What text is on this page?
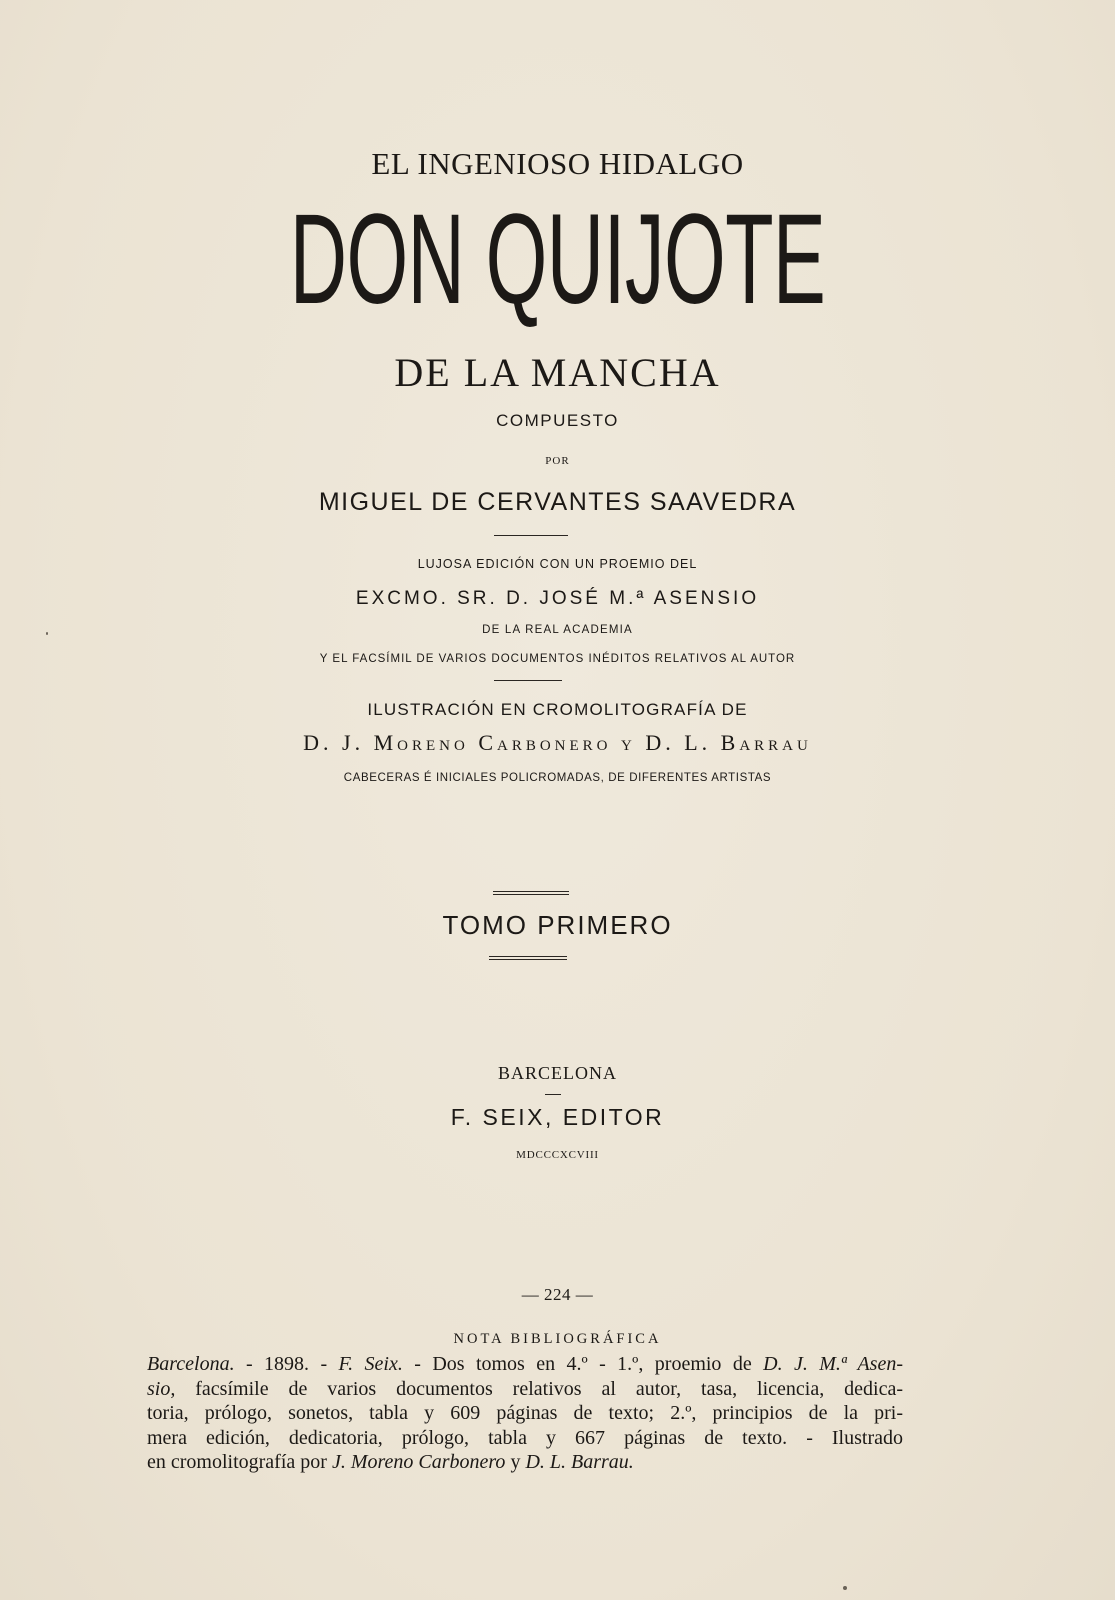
EL INGENIOSO HIDALGO
DON QUIJOTE
DE LA MANCHA
COMPUESTO
POR
MIGUEL DE CERVANTES SAAVEDRA
LUJOSA EDICIÓN CON UN PROEMIO DEL
EXCMO. SR. D. JOSÉ M.ª ASENSIO
DE LA REAL ACADEMIA
Y EL FACSÍMIL DE VARIOS DOCUMENTOS INÉDITOS RELATIVOS AL AUTOR
ILUSTRACIÓN EN CROMOLITOGRAFÍA DE
D. J. Moreno Carbonero y D. L. Barrau
CABECERAS É INICIALES POLICROMADAS, DE DIFERENTES ARTISTAS
TOMO PRIMERO
BARCELONA
F. SEIX, EDITOR
MDCCCXCVIII
— 224 —
NOTA BIBLIOGRÁFICA
Barcelona. - 1898. - F. Seix. - Dos tomos en 4.º - 1.º, proemio de D. J. M.ª Asen-
sio, facsímile de varios documentos relativos al autor, tasa, licencia, dedica-
toria, prólogo, sonetos, tabla y 609 páginas de texto; 2.º, principios de la pri-
mera edición, dedicatoria, prólogo, tabla y 667 páginas de texto. - Ilustrado
en cromolitografía por J. Moreno Carbonero y D. L. Barrau.
